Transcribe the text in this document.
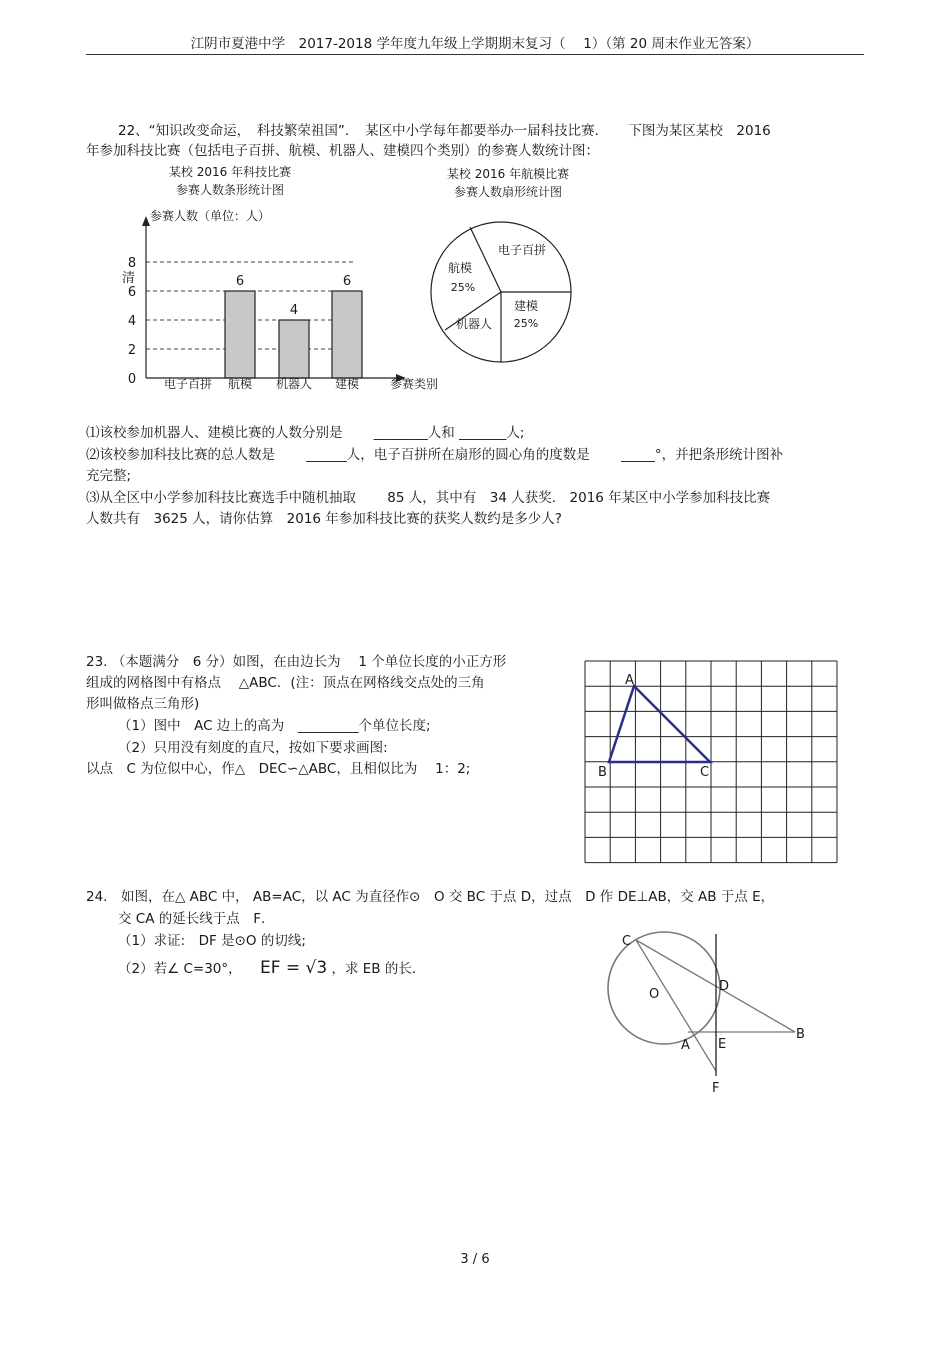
江阴市夏港中学　2017-2018 学年度九年级上学期期末复习（　 1）（第 20 周末作业无答案）
22、“知识改变命运，　科技繁荣祖国”．　某区中小学每年都要举办一届科技比赛．　　下图为某区某校　2016
年参加科技比赛（包括电子百拼、航模、机器人、建模四个类别）的参赛人数统计图：
某校 2016 年科技比赛
参赛人数条形统计图
参赛人数（单位：人）
6
4
6
0
2
4
6
8
电子百拼 航模 机器人 建模	参赛类别
清
某校 2016 年航模比赛
参赛人数扇形统计图
电子百拼
航模
25%
机器人
建模
25%
⑴该校参加机器人、建模比赛的人数分别是　　 ________人和 _______人;
⑵该校参加科技比赛的总人数是　　 ______人，电子百拼所在扇形的圆心角的度数是　　 _____°，并把条形统计图补
充完整;
⑶从全区中小学参加科技比赛选手中随机抽取　　 85 人，其中有　34 人获奖． 2016 年某区中小学参加科技比赛
人数共有　3625 人，请你估算　2016 年参加科技比赛的获奖人数约是多少人?
23. （本题满分　6 分）如图，在由边长为　 1 个单位长度的小正方形
组成的网格图中有格点　 △ABC．(注：顶点在网格线交点处的三角
形叫做格点三角形)
（1）图中　AC 边上的高为　_________个单位长度;
（2）只用没有刻度的直尺，按如下要求画图:
以点　C 为位似中心，作△　DEC∽△ABC，且相似比为　 1：2;
A
B	C
24.　如图，在△ ABC 中， AB=AC，以 AC 为直径作⊙　O 交 BC 于点 D，过点　D 作 DE⊥AB，交 AB 于点 E，
交 CA 的延长线于点　F．
（1）求证:　DF 是⊙O 的切线;
（2）若∠ C=30°， EF = √3 ，求 EB 的长．
C
O
D
B
A E
F
3 / 6
